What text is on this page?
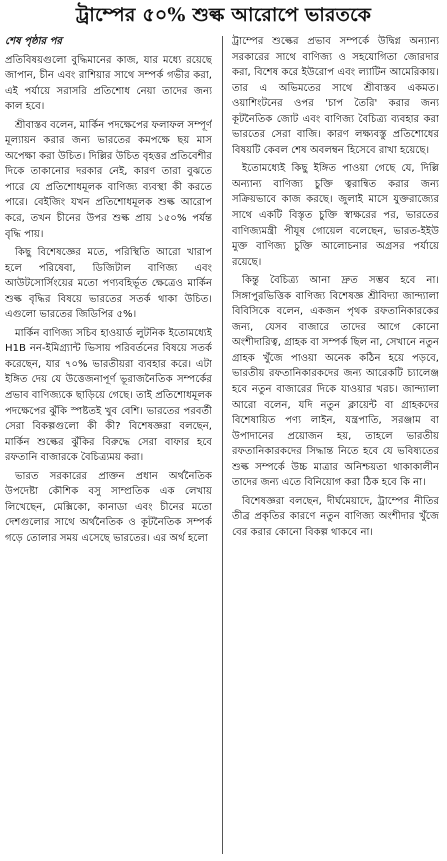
ট্রাম্পের ৫০% শুল্ক আরোপে ভারতকে

শেষ পৃষ্ঠার পর

প্রতিবিষয়গুলো বুদ্ধিমানের কাজ, যার মধ্যে রয়েছে জাপান, চীন এবং রাশিয়ার সাথে সম্পর্ক গভীর করা, এই পর্যায়ে সরাসরি প্রতিশোধ নেয়া তাদের জন্য কাল হবে।

শ্রীবাস্তব বলেন, মার্কিন পদক্ষেপের ফলাফল সম্পূর্ণ মূল্যায়ন করার জন্য ভারতের কমপক্ষে ছয় মাস অপেক্ষা করা উচিত। দিল্লির উচিত বৃহত্তর প্রতিবেশীর দিকে তাকানোর দরকার নেই, কারণ তারা বুঝতে পারে যে প্রতিশোধমূলক বাণিজ্য ব্যবস্থা কী করতে পারে। বেইজিং যখন প্রতিশোধমূলক শুল্ক আরোপ করে, তখন চীনের উপর শুল্ক প্রায় ১৫০% পর্যন্ত বৃদ্ধি পায়।

কিছু বিশেষজ্ঞের মতে, পরিস্থিতি আরো খারাপ হলে পরিষেবা, ডিজিটাল বাণিজ্য এবং আউটসোর্সিংয়ের মতো পণ্যবহির্ভূত ক্ষেত্রেও মার্কিন শুল্ক বৃদ্ধির বিষয়ে ভারতের সতর্ক থাকা উচিত। এগুলো ভারতের জিডিপির ৫%।

মার্কিন বাণিজ্য সচিব হাওয়ার্ড লুটনিক ইতোমধ্যেই H1B নন-ইমিগ্র্যান্ট ভিসায় পরিবর্তনের বিষয়ে সতর্ক করেছেন, যার ৭০% ভারতীয়রা ব্যবহার করে। এটা ইঙ্গিত দেয় যে উত্তেজনাপূর্ণ ভূরাজনৈতিক সম্পর্কের প্রভাব বাণিজ্যকে ছাড়িয়ে গেছে। তাই প্রতিশোধমূলক পদক্ষেপের ঝুঁকি স্পষ্টতই খুব বেশি। ভারতের পরবর্তী সেরা বিকল্পগুলো কী কী? বিশেষজ্ঞরা বলছেন, মার্কিন শুল্কের ঝুঁকির বিরুদ্ধে সেরা বাফার হবে রফতানি বাজারকে বৈচিত্র্যময় করা।

ভারত সরকারের প্রাক্তন প্রধান অর্থনৈতিক উপদেষ্টা কৌশিক বসু সাম্প্রতিক এক লেখায় লিখেছেন, মেক্সিকো, কানাডা এবং চীনের মতো দেশগুলোর সাথে অর্থনৈতিক ও কূটনৈতিক সম্পর্ক গড়ে তোলার সময় এসেছে ভারতের। এর অর্থ হলো

ট্রাম্পের শুল্কের প্রভাব সম্পর্কে উদ্বিগ্ন অন্যান্য সরকারের সাথে বাণিজ্য ও সহযোগিতা জোরদার করা, বিশেষ করে ইউরোপ এবং ল্যাটিন আমেরিকায়। তার এ অভিমতের সাথে শ্রীবাস্তব একমত। ওয়াশিংটনের ওপর 'চাপ তৈরি' করার জন্য কূটনৈতিক জোট এবং বাণিজ্য বৈচিত্র্য ব্যবহার করা ভারতের সেরা বাজি। কারণ লক্ষ্যবস্তু প্রতিশোধের বিষয়টি কেবল শেষ অবলম্বন হিসেবে রাখা হয়েছে।

ইতোমধ্যেই কিছু ইঙ্গিত পাওয়া গেছে যে, দিল্লি অন্যান্য বাণিজ্য চুক্তি ত্বরান্বিত করার জন্য সক্রিয়ভাবে কাজ করছে। জুলাই মাসে যুক্তরাজ্যের সাথে একটি বিস্তৃত চুক্তি স্বাক্ষরের পর, ভারতের বাণিজ্যমন্ত্রী পীযূষ গোয়েল বলেছেন, ভারত-ইইউ মুক্ত বাণিজ্য চুক্তি আলোচনার অগ্রসর পর্যায়ে রয়েছে।

কিন্তু বৈচিত্র্য আনা দ্রুত সম্ভব হবে না। সিঙ্গাপুরভিত্তিক বাণিজ্য বিশেষজ্ঞ শ্রীবিদ্যা জান্দ্যালা বিবিসিকে বলেন, একজন পৃথক রফতানিকারকের জন্য, যেসব বাজারে তাদের আগে কোনো অংশীদারিত্ব, গ্রাহক বা সম্পর্ক ছিল না, সেখানে নতুন গ্রাহক খুঁজে পাওয়া অনেক কঠিন হয়ে পড়বে, ভারতীয় রফতানিকারকদের জন্য আরেকটি চ্যালেঞ্জ হবে নতুন বাজারের দিকে যাওয়ার খরচ। জান্দ্যালা আরো বলেন, যদি নতুন ক্লায়েন্ট বা গ্রাহকদের বিশেষায়িত পণ্য লাইন, যন্ত্রপাতি, সরঞ্জাম বা উপাদানের প্রয়োজন হয়, তাহলে ভারতীয় রফতানিকারকদের সিদ্ধান্ত নিতে হবে যে ভবিষ্যতের শুল্ক সম্পর্কে উচ্চ মাত্রার অনিশ্চয়তা থাকাকালীন তাদের জন্য এতে বিনিয়োগ করা ঠিক হবে কি না।

বিশেষজ্ঞরা বলছেন, দীর্ঘমেয়াদে, ট্রাম্পের নীতির তীব্র প্রকৃতির কারণে নতুন বাণিজ্য অংশীদার খুঁজে বের করার কোনো বিকল্প থাকবে না।
